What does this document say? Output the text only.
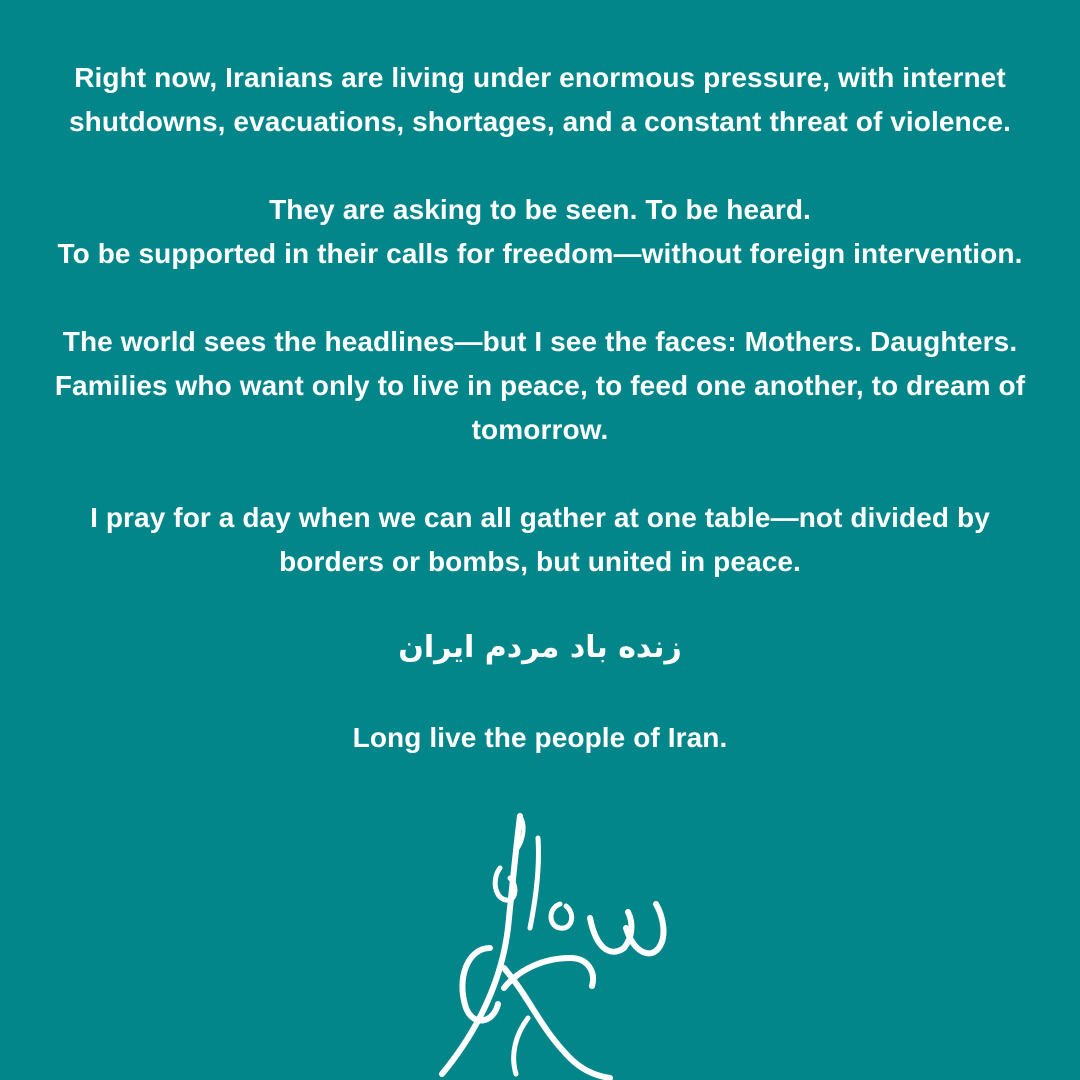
Right now, Iranians are living under enormous pressure, with internet

shutdowns, evacuations, shortages, and a constant threat of violence.

They are asking to be seen. To be heard.

To be supported in their calls for freedom—without foreign intervention.

The world sees the headlines—but I see the faces: Mothers. Daughters.

Families who want only to live in peace, to feed one another, to dream of

tomorrow.

I pray for a day when we can all gather at one table—not divided by

borders or bombs, but united in peace.

زنده باد مردم ایران

Long live the people of Iran.
